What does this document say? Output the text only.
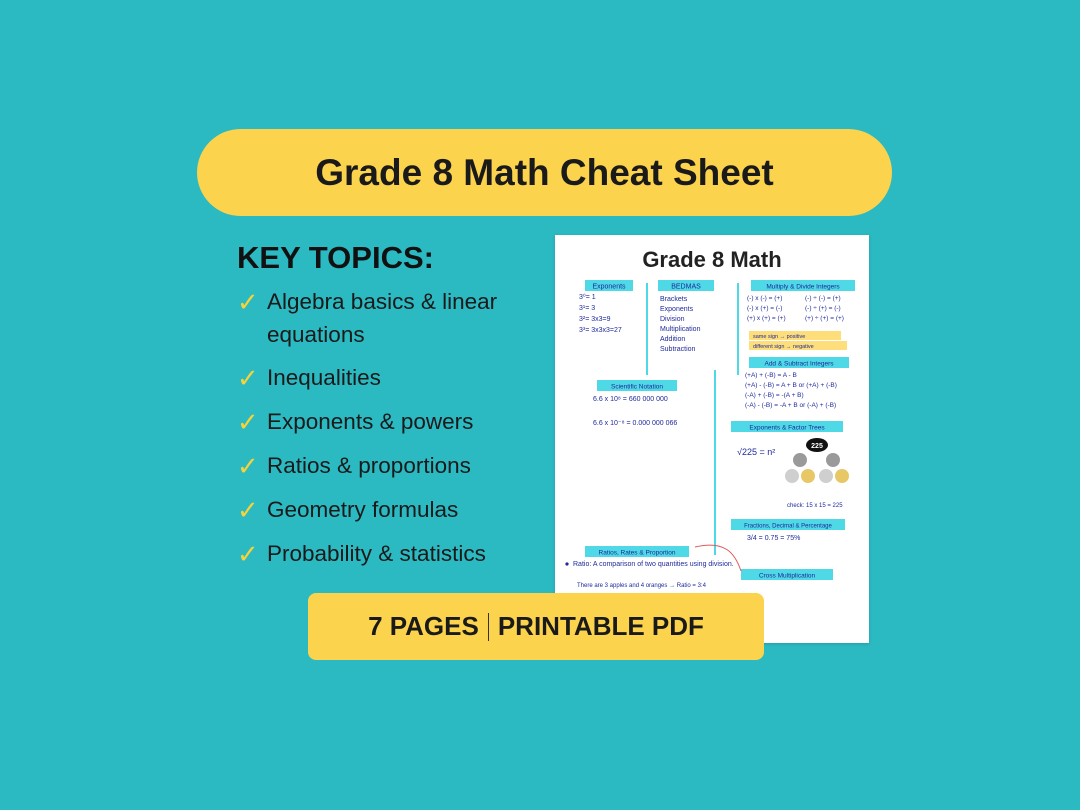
Grade 8 Math Cheat Sheet
KEY TOPICS:
✓ Algebra basics & linear equations
✓ Inequalities
✓ Exponents & powers
✓ Ratios & proportions
✓ Geometry formulas
✓ Probability & statistics
Grade 8 Math
Exponents	BEDMAS	Multiply & Divide Integers
3⁰= 1
3¹= 3
3²= 3x3=9
3³= 3x3x3=27
Brackets
Exponents
Division
Multiplication
Addition
Subtraction
(-) x (-) = (+)
(-) x (+) = (-)
(+) x (+) = (+)
(-) ÷ (-) = (+)
(-) ÷ (+) = (-)
(+) ÷ (+) = (+)
same sign → positive
different sign → negative
Scientific Notation
6.6 x 10⁸ = 660 000 000
6.6 x 10⁻⁸ = 0.000 000 066
Add & Subtract Integers
(+A) + (-B) = A - B
(+A) - (-B) = A + B or (+A) + (-B)
(-A) + (-B) = -(A + B)
(-A) - (-B) = -A + B or (-A) + (-B)
Exponents & Factor Trees
√225 = n²
225
check: 15 x 15 = 225
Fractions, Decimal & Percentage
3/4 = 0.75 = 75%
Ratios, Rates & Proportion
Ratio: A comparison of two quantities using division.
There are 3 apples and 4 oranges → Ratio = 3:4
Cross Multiplication
7 PAGES PRINTABLE PDF
